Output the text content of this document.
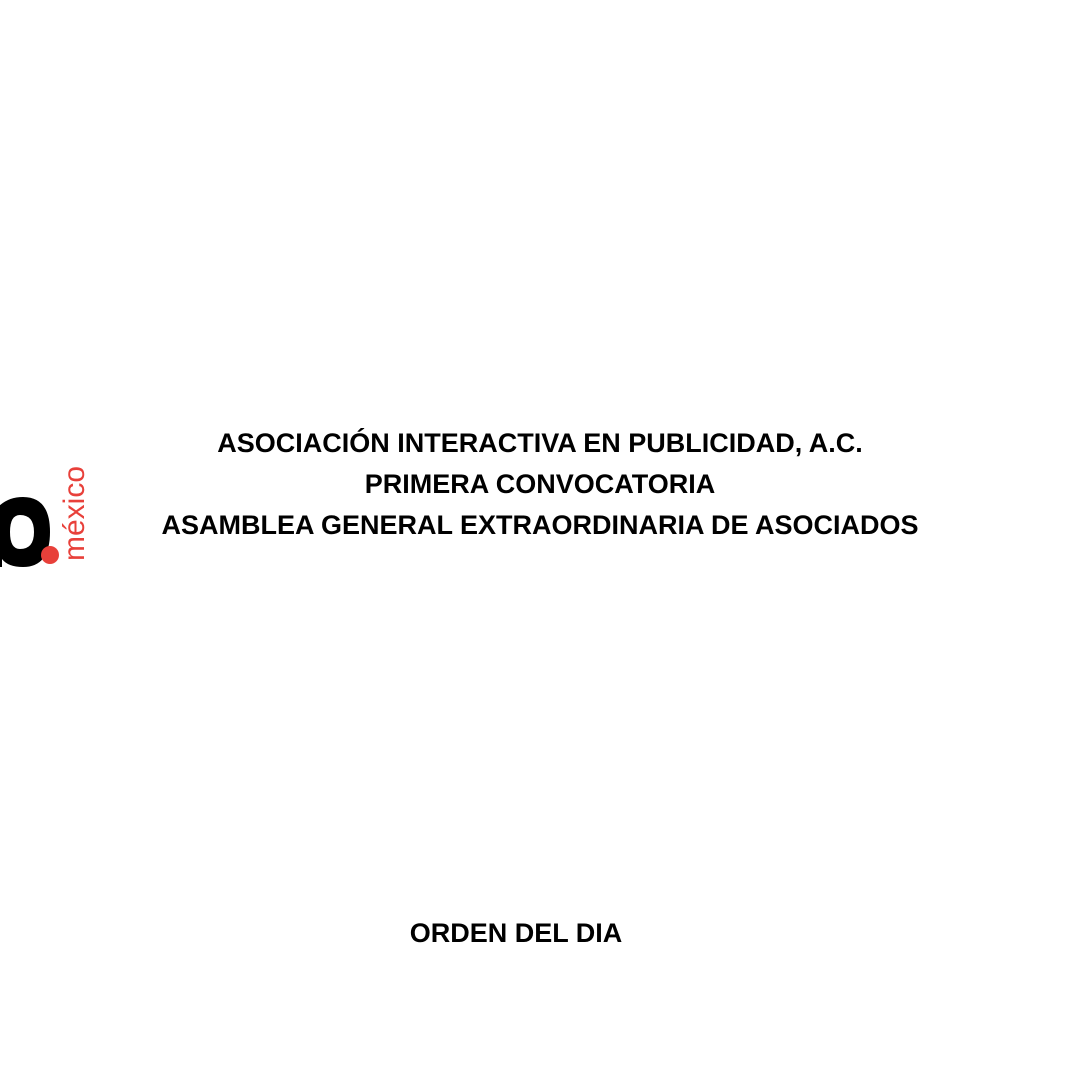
méxico
ASOCIACIÓN INTERACTIVA EN PUBLICIDAD, A.C.
PRIMERA CONVOCATORIA
ASAMBLEA GENERAL EXTRAORDINARIA DE ASOCIADOS
ORDEN DEL DIA
